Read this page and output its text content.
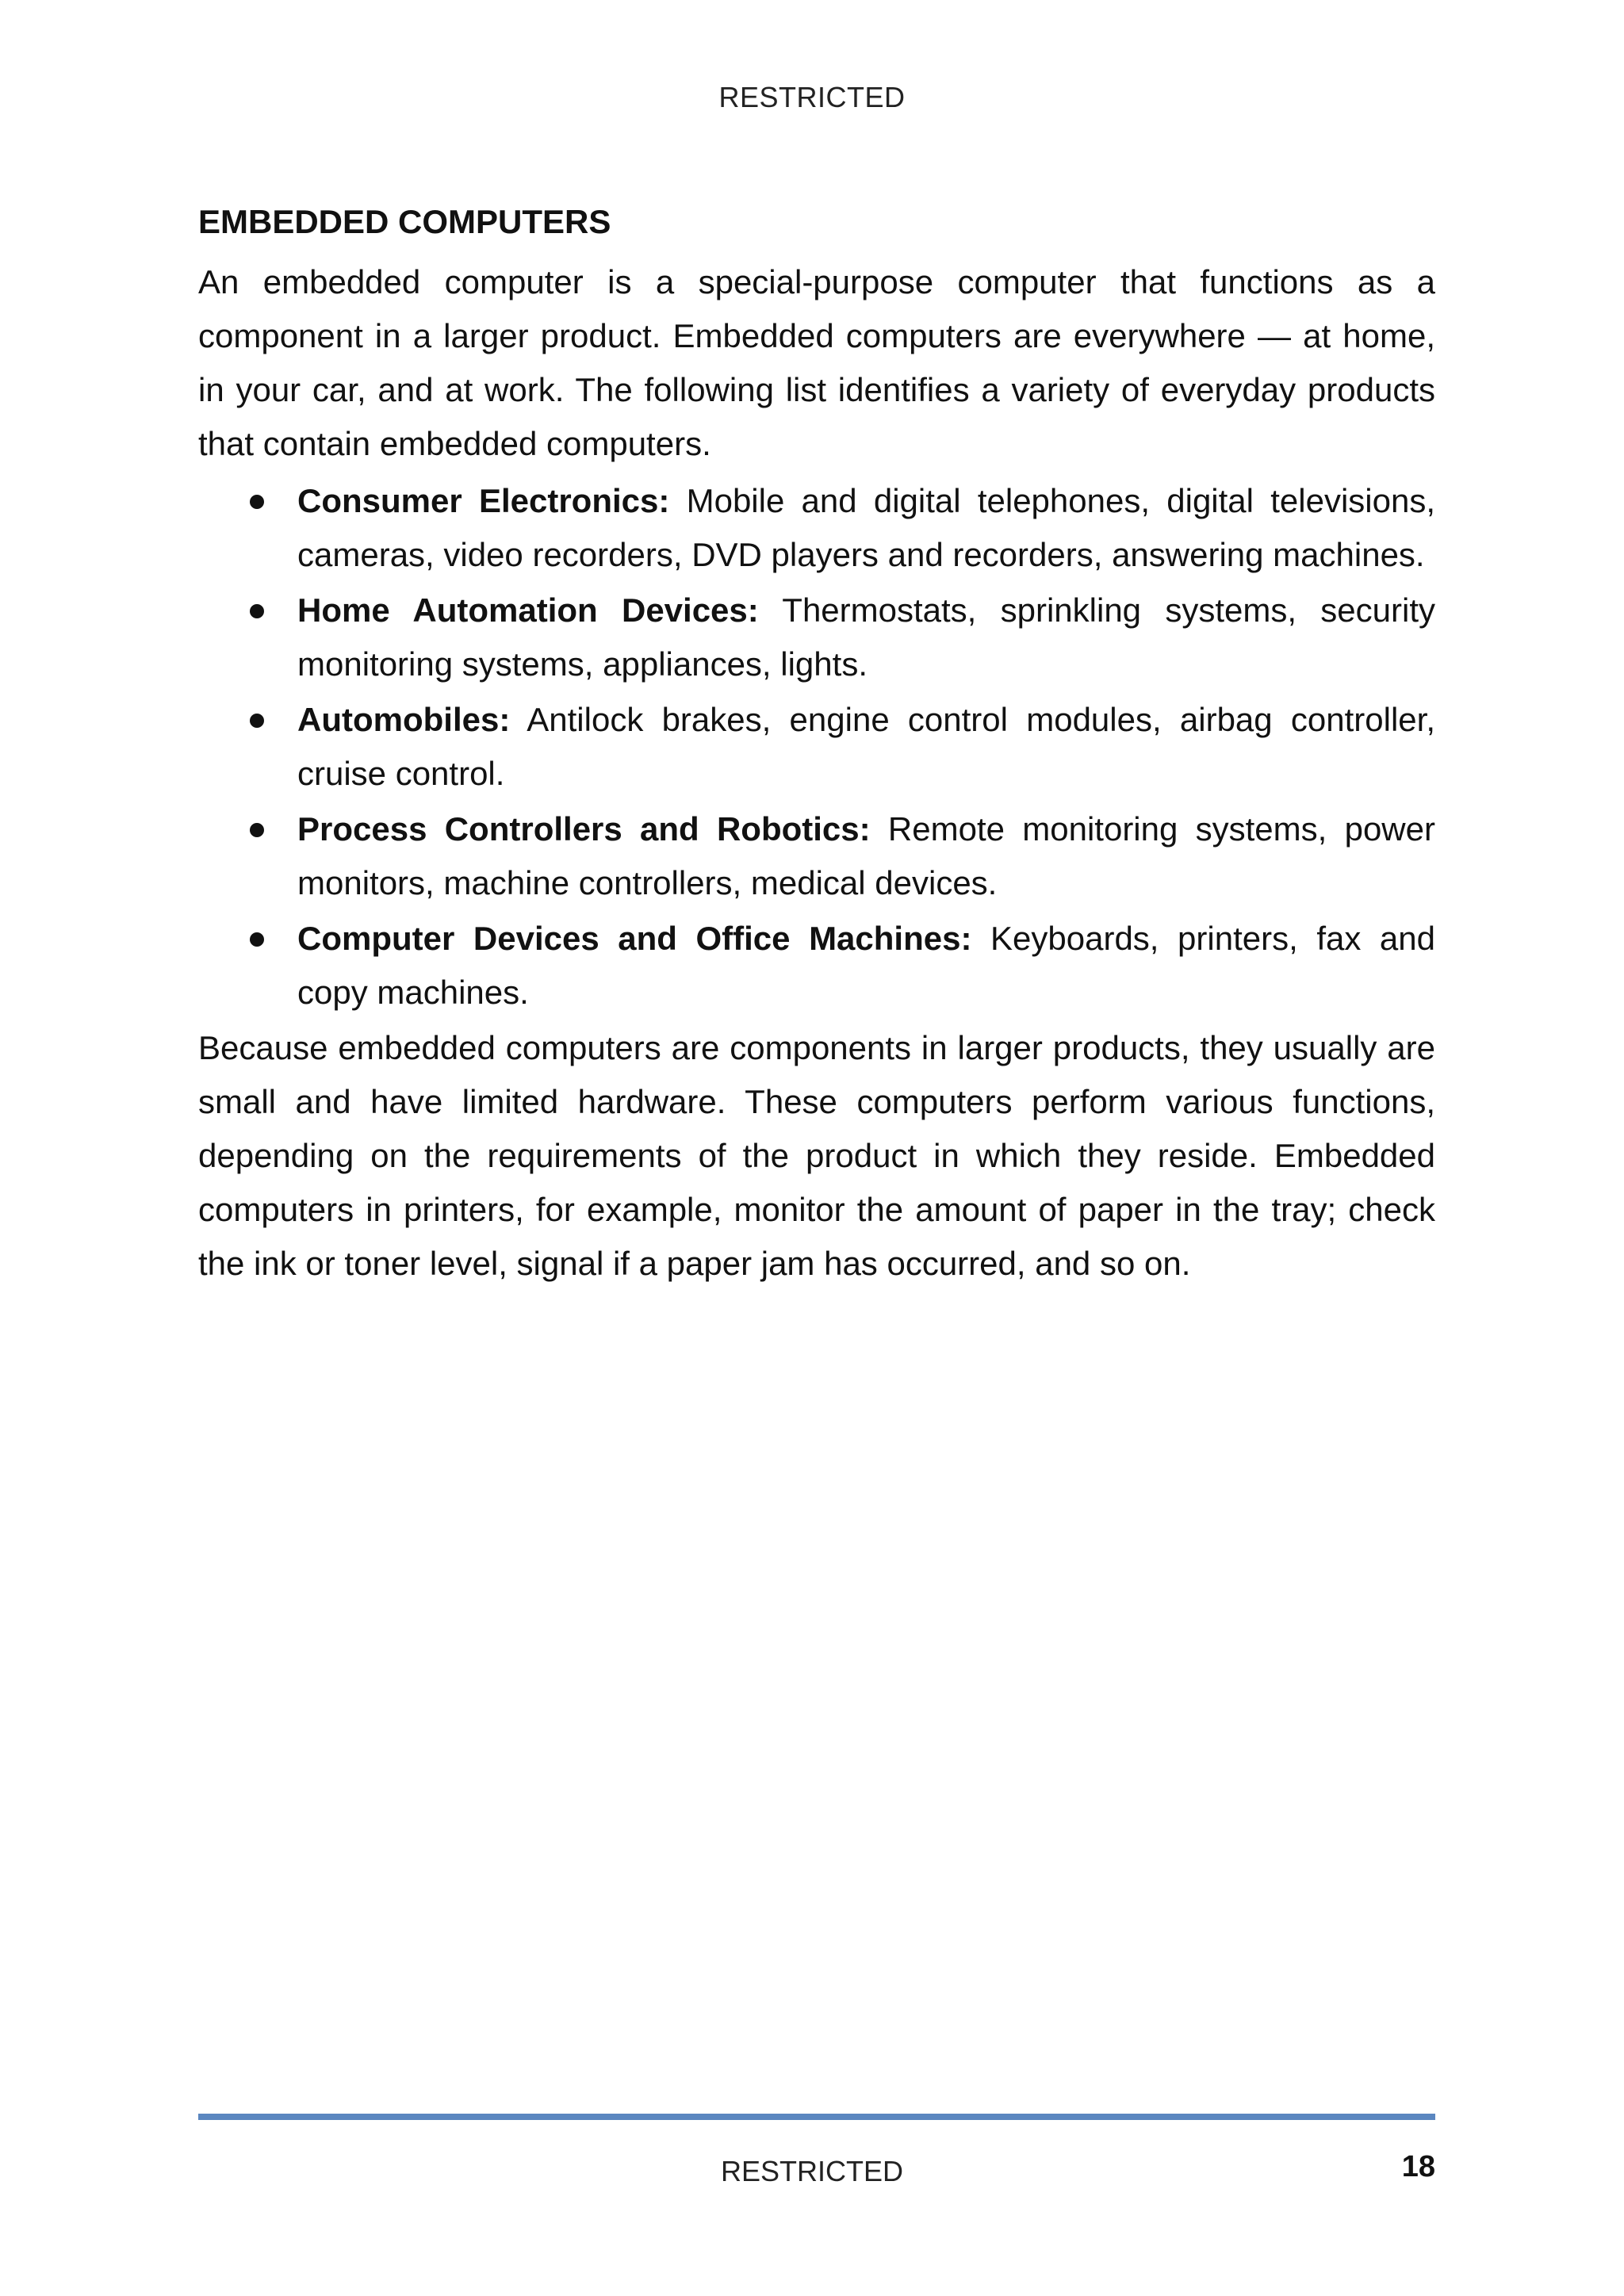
RESTRICTED
EMBEDDED COMPUTERS

An embedded computer is a special-purpose computer that functions as a component in a larger product. Embedded computers are everywhere — at home, in your car, and at work. The following list identifies a variety of everyday products that contain embedded computers.

Consumer Electronics: Mobile and digital telephones, digital televisions, cameras, video recorders, DVD players and recorders, answering machines.
Home Automation Devices: Thermostats, sprinkling systems, security monitoring systems, appliances, lights.
Automobiles: Antilock brakes, engine control modules, airbag controller, cruise control.
Process Controllers and Robotics: Remote monitoring systems, power monitors, machine controllers, medical devices.
Computer Devices and Office Machines: Keyboards, printers, fax and copy machines.

Because embedded computers are components in larger products, they usually are small and have limited hardware. These computers perform various functions, depending on the requirements of the product in which they reside. Embedded computers in printers, for example, monitor the amount of paper in the tray; check the ink or toner level, signal if a paper jam has occurred, and so on.

RESTRICTED	18
